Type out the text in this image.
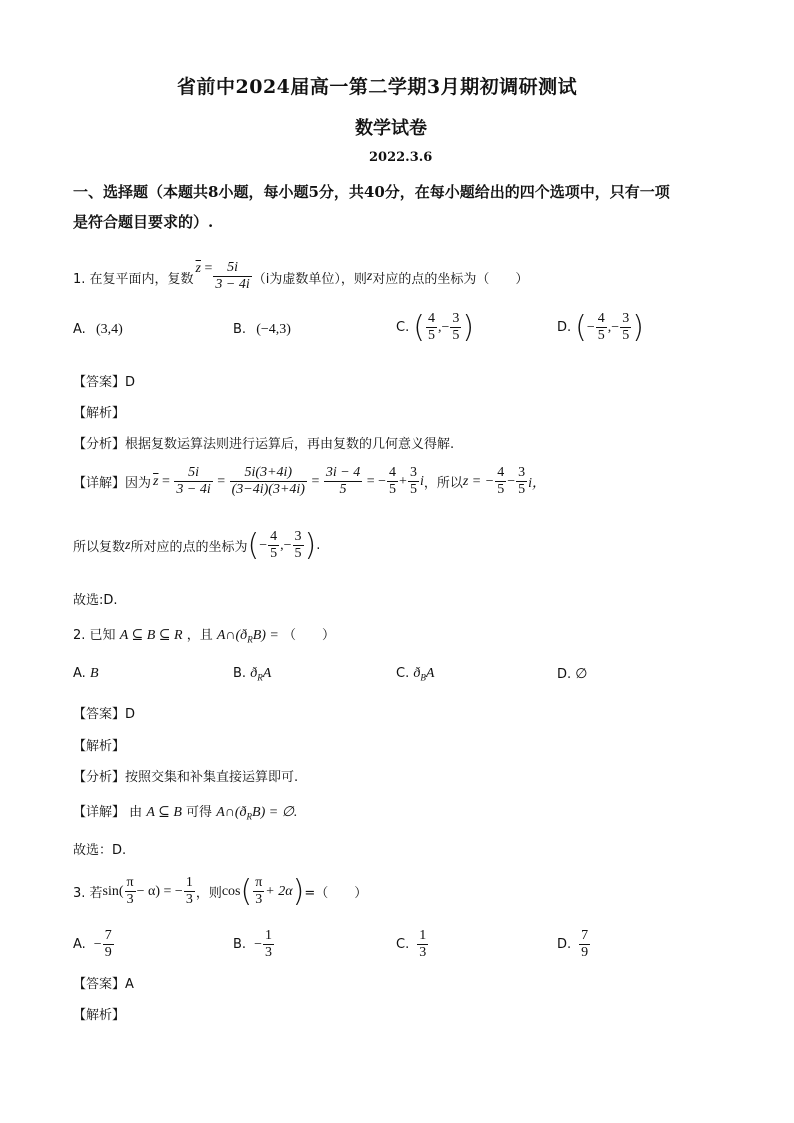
省前中2024届高一第二学期3月期初调研测试
数学试卷
2022.3.6
一、选择题（本题共8小题，每小题5分，共40分，在每小题给出的四个选项中，只有一项
是符合题目要求的）.
1. 在复平面内，复数
$\overline{z} = \frac{5i}{3 - 4i} (i$为虚数单位），则 z 对应的点的坐标为（　　）
A. (3,4)	B. (−4,3)	C. ( $\frac{4}{5}$ ,− $\frac{3}{5}$ )	D. ( − $\frac{4}{5}$ ,− $\frac{3}{5}$ )
【答案】D
【解析】
【分析】根据复数运算法则进行运算后，再由复数的几何意义得解.
【详解】 因为 $\overline{z} = \frac{5i}{3 - 4i} = \frac{5i(3+4i)}{(3-4i)(3+4i)} = \frac{3i - 4}{5}$ = − $\frac{4}{5} + \frac{3}{5}$ i ，所以 z = − $\frac{4}{5} - \frac{3}{5}$ i，
所以复数 z 所对应的点的坐标为 ( − $\frac{4}{5}$ ,− $\frac{3}{5}$ ) .
故选:D.
2. 已知 A ⊆ B ⊆ R ，且 $A\cap(ð_RB)$ = （　　）
A. B	B. $ð_RA$	C. $ð_BA$	D. ∅
【答案】D
【解析】
【分析】按照交集和补集直接运算即可.
【详解】 由 A ⊆ B 可得 $A\cap(ð_RB)$ = ∅.
故选：D.
3. 若 $\sin( \frac{\pi}{3} - \alpha)$ = − $\frac{1}{3}$ ，则 cos ( $\frac{\pi}{3} + 2\alpha$ ) =（　　）
A. − $\frac{7}{9}$	B. − $\frac{1}{3}$	C. $\frac{1}{3}$	D. $\frac{7}{9}$
【答案】A
【解析】
